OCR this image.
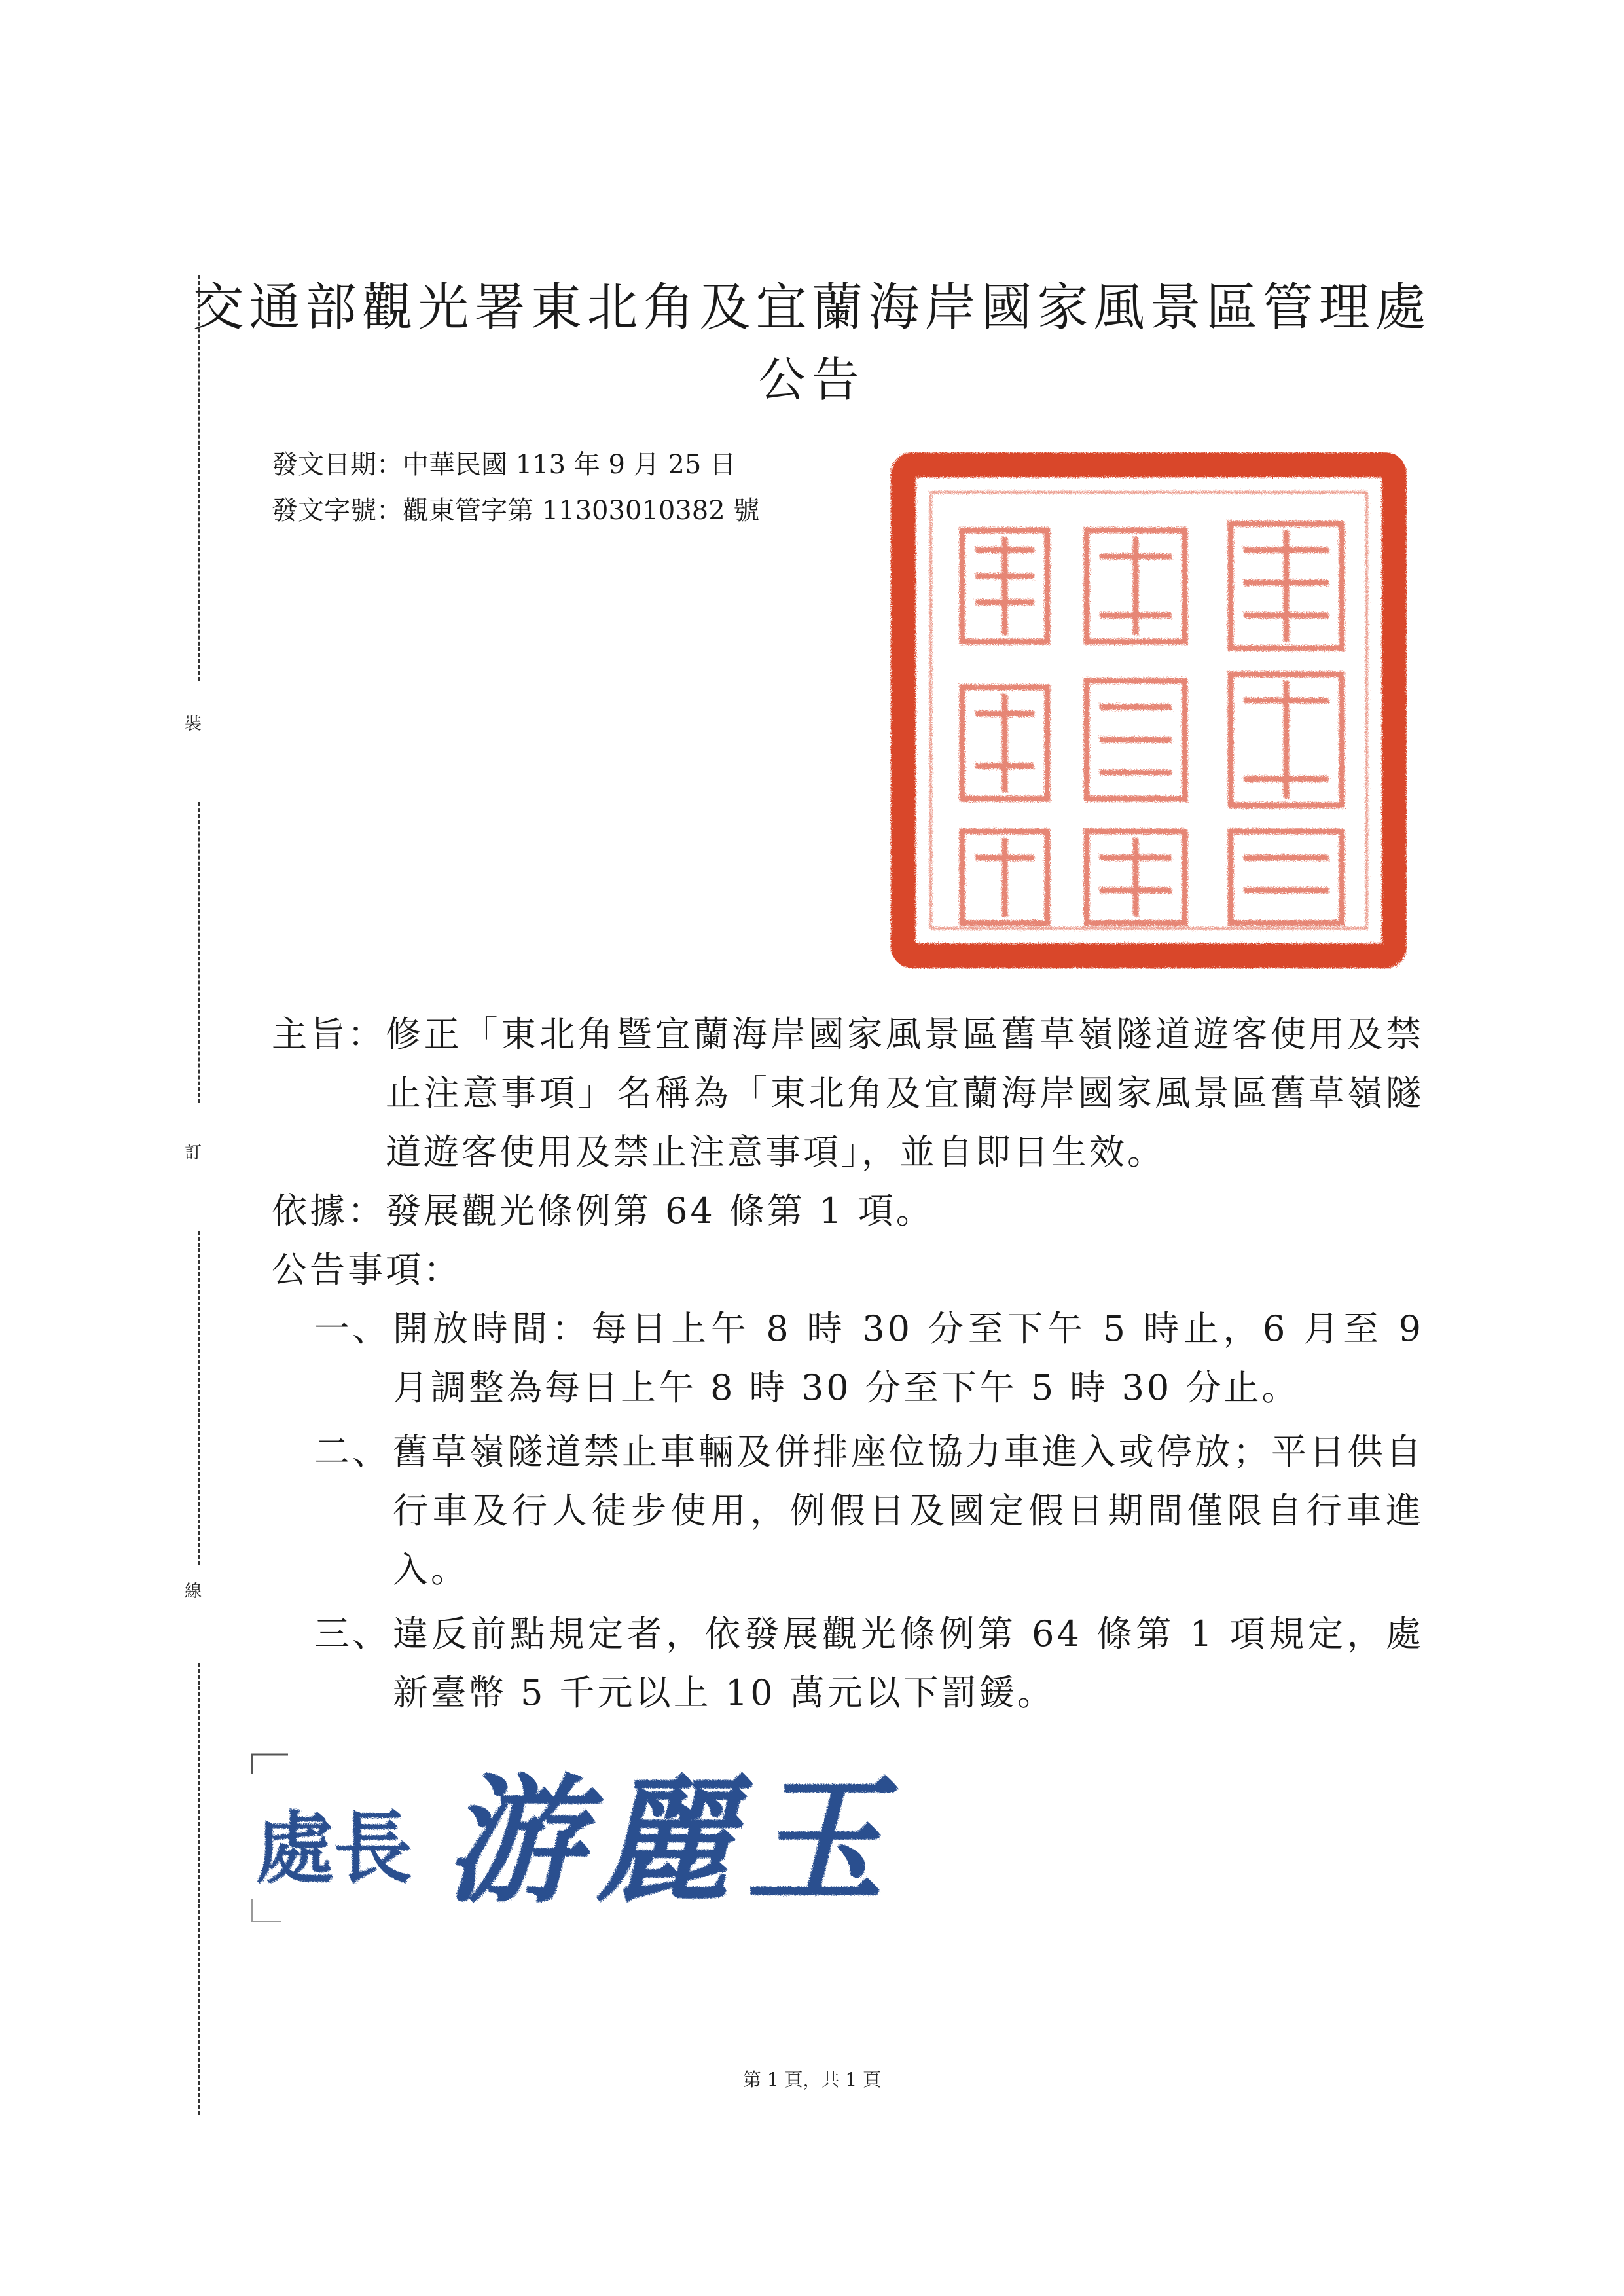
裝
訂
線
交通部觀光署東北角及宜蘭海岸國家風景區管理處
公告
發文日期：中華民國 113 年 9 月 25 日
發文字號：觀東管字第 11303010382 號
主旨： 修正「東北角暨宜蘭海岸國家風景區舊草嶺隧道遊客使用及禁止注意事項」名稱為「東北角及宜蘭海岸國家風景區舊草嶺隧道遊客使用及禁止注意事項」，並自即日生效。
依據： 發展觀光條例第 64 條第 1 項。
公告事項：
一、 開放時間：每日上午 8 時 30 分至下午 5 時止，6 月至 9 月調整為每日上午 8 時 30 分至下午 5 時 30 分止。
二、 舊草嶺隧道禁止車輛及併排座位協力車進入或停放；平日供自行車及行人徒步使用，例假日及國定假日期間僅限自行車進入。
三、 違反前點規定者，依發展觀光條例第 64 條第 1 項規定，處新臺幣 5 千元以上 10 萬元以下罰鍰。
處長 游麗玉
第 1 頁，共 1 頁
